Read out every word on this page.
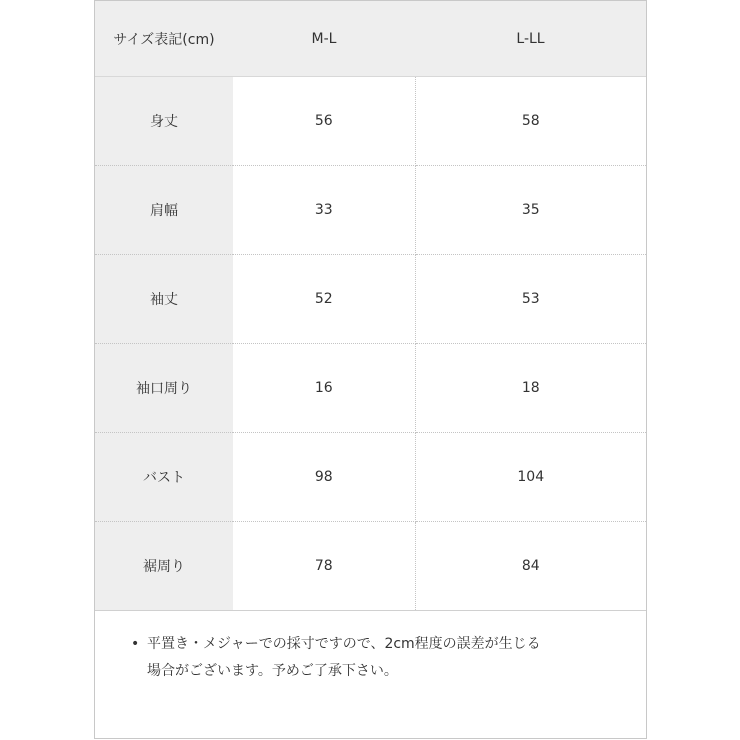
サイズ表記(cm)	M-L	L-LL
身丈	56	58
肩幅	33	35
袖丈	52	53
袖口周り	16	18
バスト	98	104
裾周り	78	84
• 平置き・メジャーでの採寸ですので、2cm程度の誤差が生じる
場合がございます。予めご了承下さい。
